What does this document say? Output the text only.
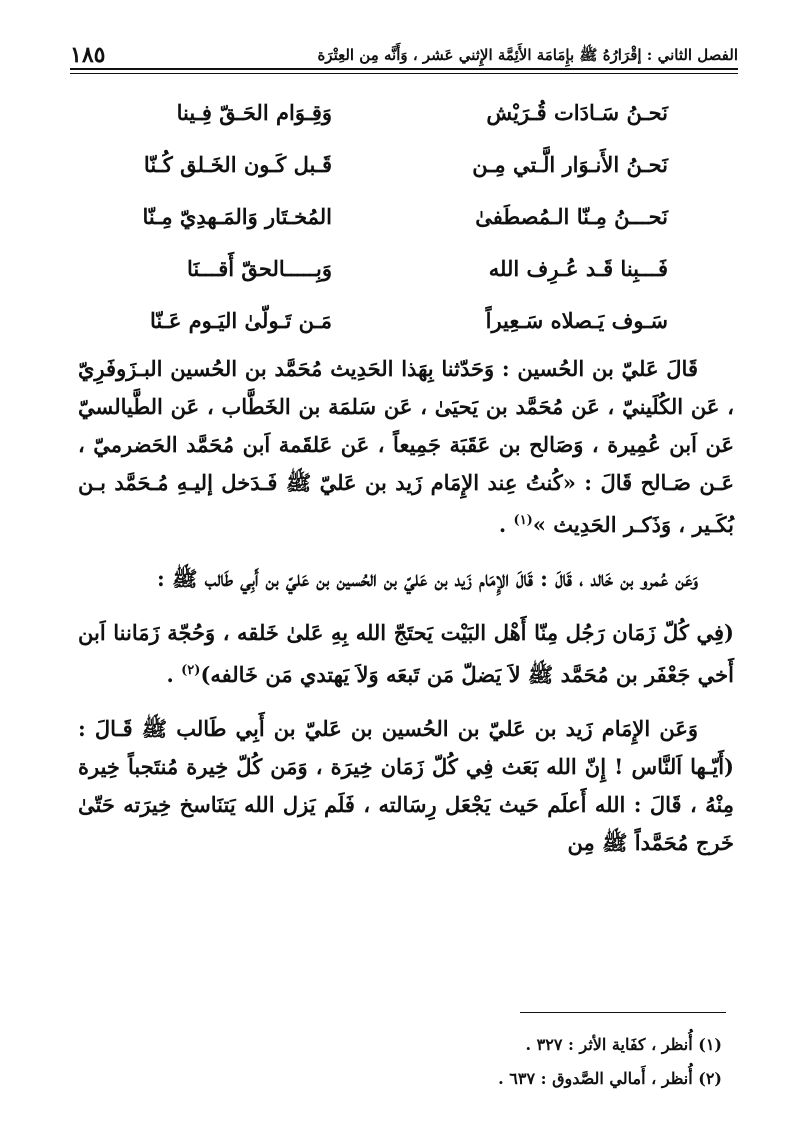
الفصل الثاني : إقْرَارُهُ ﷺ بإِمَامَة الأَئِمَّة الإِثني عَشر ، وَأَنَّه مِن العِتْرَة
١٨٥
نَحـنُ سَـادَات قُـرَيْش
وَقِـوَام الحَـقّ فِـينا
نَحـنُ الأَنـوَار الَّـتي مِـن
قَـبل كَـون الخَـلق كُـنّا
نَحـــنُ مِـنّا الـمُصطَفىٰ
المُخـتَار وَالمَـهدِيّ مِـنّا
فَـــبِنا قَـد عُـرِف الله
وَبِـــــالحقّ أَقـــنَا
سَـوف يَـصلاه سَـعِيراً
مَـن تَـولّىٰ اليَـوم عَـنّا

قَالَ عَليّ بن الحُسين : وَحَدّثنا بِهَذا الحَدِيث مُحَمَّد بن الحُسين البـزَوفَرِيّ ، عَن الكُلَينيّ ، عَن مُحَمَّد بن يَحيَىٰ ، عَن سَلمَة بن الخَطَّاب ، عَن الطَّيالسيّ عَن اَبن عُمِيرة ، وَصَالح بن عَقَبَة جَمِيعاً ، عَن عَلقَمة اَبن مُحَمَّد الحَضرميّ ، عَـن صَـالح قَالَ : «كُنتُ عِند الإِمَام زَيد بن عَليّ ﷺ فَـدَخل إليـهِ مُـحَمَّد بـن بُكَـير ، وَذَكـر الحَدِيث »$^{(١)}$ .

وَعَن عُمرو بن خَالد ، قَالَ : قَالَ الإِمَام زَيد بن عَليّ بن الحُسين بن عَليّ بن أَبِي طَالب ﷺ :

(فِي كُلّ زَمَان رَجُل مِنّا أَهْل البَيْت يَحتَجّ الله بِهِ عَلىٰ خَلقه ، وَحُجّة زَمَاننا اَبن أَخي جَعْفَر بن مُحَمَّد ﷺ لاَ يَضلّ مَن تَبعَه وَلاَ يَهتدي مَن خَالفه)$^{(٢)}$ .

وَعَن الإِمَام زَيد بن عَليّ بن الحُسين بن عَليّ بن أَبِي طَالب ﷺ قَـالَ : (أَيّـها اَلنَّاس ! إِنّ الله بَعَث فِي كُلّ زَمَان خِيرَة ، وَمَن كُلّ خِيرة مُنتَجباً خِيرة مِنْهُ ، قَالَ : الله أَعلَم حَيث يَجْعَل رِسَالته ، فَلَم يَزل الله يَتنَاسخ خِيرَته حَتّىٰ خَرج مُحَمَّداً ﷺ مِن

(١) أُنظر ، كفَاية الأثر : ٣٢٧ .
(٢) أُنظر ، أَمالي الصَّدوق : ٦٣٧ .
